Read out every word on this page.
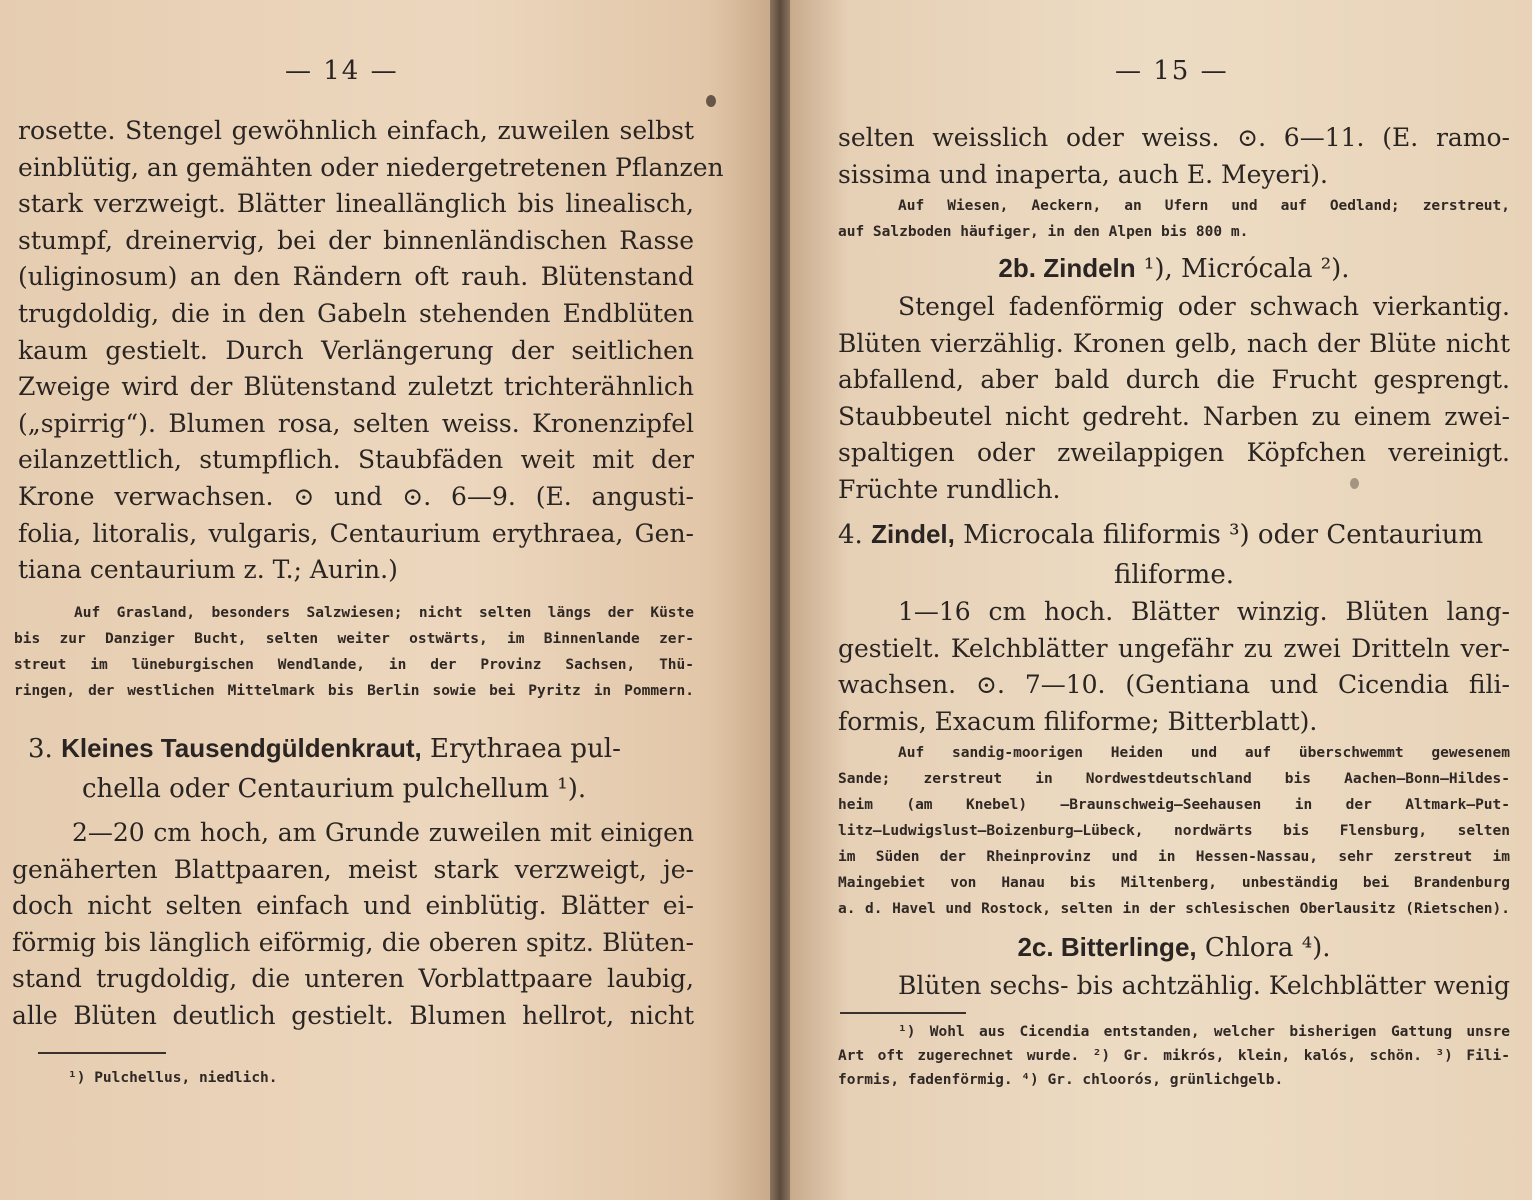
— 14 —

rosette. Stengel gewöhnlich einfach, zuweilen selbst

einblütig, an gemähten oder niedergetretenen Pflanzen

stark verzweigt. Blätter lineallänglich bis linealisch,

stumpf, dreinervig, bei der binnenländischen Rasse

(uliginosum) an den Rändern oft rauh. Blütenstand

trugdoldig, die in den Gabeln stehenden Endblüten

kaum gestielt. Durch Verlängerung der seitlichen

Zweige wird der Blütenstand zuletzt trichterähnlich

(„spirrig“). Blumen rosa, selten weiss. Kronenzipfel

eilanzettlich, stumpflich. Staubfäden weit mit der

Krone verwachsen. ⊙ und ⊙. 6—9. (E. angusti-

folia, litoralis, vulgaris, Centaurium erythraea, Gen-

tiana centaurium z. T.; Aurin.)

Auf Grasland, besonders Salzwiesen; nicht selten längs der Küste

bis zur Danziger Bucht, selten weiter ostwärts, im Binnenlande zer-

streut im lüneburgischen Wendlande, in der Provinz Sachsen, Thü-

ringen, der westlichen Mittelmark bis Berlin sowie bei Pyritz in Pommern.

3. Kleines Tausendgüldenkraut, Erythraea pul-

chella oder Centaurium pulchellum ¹).

2—20 cm hoch, am Grunde zuweilen mit einigen

genäherten Blattpaaren, meist stark verzweigt, je-

doch nicht selten einfach und einblütig. Blätter ei-

förmig bis länglich eiförmig, die oberen spitz. Blüten-

stand trugdoldig, die unteren Vorblattpaare laubig,

alle Blüten deutlich gestielt. Blumen hellrot, nicht

¹) Pulchellus, niedlich.

— 15 —

selten weisslich oder weiss. ⊙. 6—11. (E. ramo-

sissima und inaperta, auch E. Meyeri).

Auf Wiesen, Aeckern, an Ufern und auf Oedland; zerstreut,

auf Salzboden häufiger, in den Alpen bis 800 m.

2b. Zindeln ¹), Micrócala ²).

Stengel fadenförmig oder schwach vierkantig.

Blüten vierzählig. Kronen gelb, nach der Blüte nicht

abfallend, aber bald durch die Frucht gesprengt.

Staubbeutel nicht gedreht. Narben zu einem zwei-

spaltigen oder zweilappigen Köpfchen vereinigt.

Früchte rundlich.

4. Zindel, Microcala filiformis ³) oder Centaurium

filiforme.

1—16 cm hoch. Blätter winzig. Blüten lang-

gestielt. Kelchblätter ungefähr zu zwei Dritteln ver-

wachsen. ⊙. 7—10. (Gentiana und Cicendia fili-

formis, Exacum filiforme; Bitterblatt).

Auf sandig-moorigen Heiden und auf überschwemmt gewesenem

Sande; zerstreut in Nordwestdeutschland bis Aachen—Bonn—Hildes-

heim (am Knebel) —Braunschweig—Seehausen in der Altmark—Put-

litz—Ludwigslust—Boizenburg—Lübeck, nordwärts bis Flensburg, selten

im Süden der Rheinprovinz und in Hessen-Nassau, sehr zerstreut im

Maingebiet von Hanau bis Miltenberg, unbeständig bei Brandenburg

a. d. Havel und Rostock, selten in der schlesischen Oberlausitz (Rietschen).

2c. Bitterlinge, Chlora ⁴).

Blüten sechs- bis achtzählig. Kelchblätter wenig

¹) Wohl aus Cicendia entstanden, welcher bisherigen Gattung unsre

Art oft zugerechnet wurde. ²) Gr. mikrós, klein, kalós, schön. ³) Fili-

formis, fadenförmig. ⁴) Gr. chloorós, grünlichgelb.
